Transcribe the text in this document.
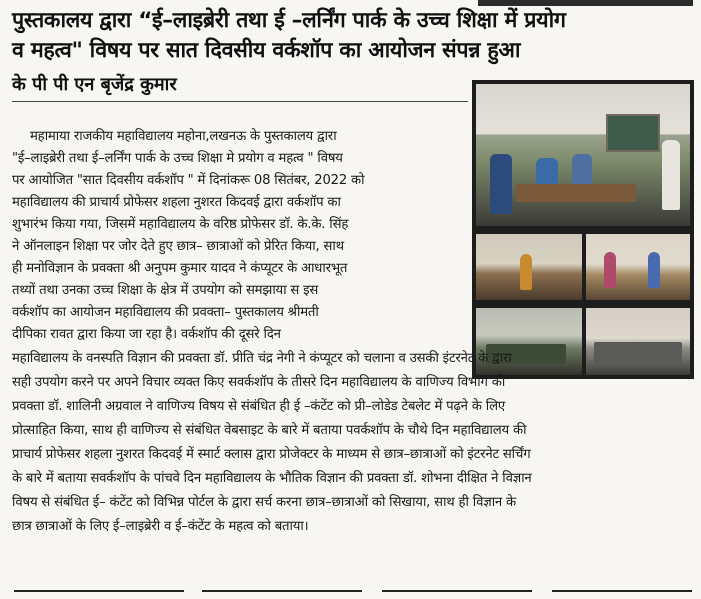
पुस्तकालय द्वारा “ई–लाइब्रेरी तथा ई –लर्निंग पार्क के उच्च शिक्षा में प्रयोग
व महत्व" विषय पर सात दिवसीय वर्कशॉप का आयोजन संपन्न हुआ
के पी पी एन बृजेंद्र कुमार
महामाया राजकीय महाविद्यालय महोना,लखनऊ के पुस्तकालय द्वारा
"ई–लाइब्रेरी तथा ई–लर्निंग पार्क के उच्च शिक्षा मे प्रयोग व महत्व " विषय
पर आयोजित "सात दिवसीय वर्कशॉप " में दिनांकरू 08 सितंबर, 2022 को
महाविद्यालय की प्राचार्य प्रोफेसर शहला नुशरत किदवई द्वारा वर्कशॉप का
शुभारंभ किया गया, जिसमें महाविद्यालय के वरिष्ठ प्रोफेसर डॉ. के.के. सिंह
ने ऑनलाइन शिक्षा पर जोर देते हुए छात्र– छात्राओं को प्रेरित किया, साथ
ही मनोविज्ञान के प्रवक्ता श्री अनुपम कुमार यादव ने कंप्यूटर के आधारभूत
तथ्यों तथा उनका उच्च शिक्षा के क्षेत्र में उपयोग को समझाया स इस
वर्कशॉप का आयोजन महाविद्यालय की प्रवक्ता– पुस्तकालय श्रीमती
दीपिका रावत द्वारा किया जा रहा है। वर्कशॉप की दूसरे दिन
महाविद्यालय के वनस्पति विज्ञान की प्रवक्ता डॉ. प्रीति चंद्र नेगी ने कंप्यूटर को चलाना व उसकी इंटरनेट के द्वारा
सही उपयोग करने पर अपने विचार व्यक्त किए सवर्कशॉप के तीसरे दिन महाविद्यालय के वाणिज्य विभाग की
प्रवक्ता डॉ. शालिनी अग्रवाल ने वाणिज्य विषय से संबंधित ही ई –कंटेंट को प्री–लोडेड टेबलेट में पढ़ने के लिए
प्रोत्साहित किया, साथ ही वाणिज्य से संबंधित वेबसाइट के बारे में बताया पवर्कशॉप के चौथे दिन महाविद्यालय की
प्राचार्य प्रोफेसर शहला नुशरत किदवई में स्मार्ट क्लास द्वारा प्रोजेक्टर के माध्यम से छात्र–छात्राओं को इंटरनेट सर्चिंग
के बारे में बताया सवर्कशॉप के पांचवे दिन महाविद्यालय के भौतिक विज्ञान की प्रवक्ता डॉ. शोभना दीक्षित ने विज्ञान
विषय से संबंधित ई– कंटेंट को विभिन्न पोर्टल के द्वारा सर्च करना छात्र–छात्राओं को सिखाया, साथ ही विज्ञान के
छात्र छात्राओं के लिए ई–लाइब्रेरी व ई–कंटेंट के महत्व को बताया।
